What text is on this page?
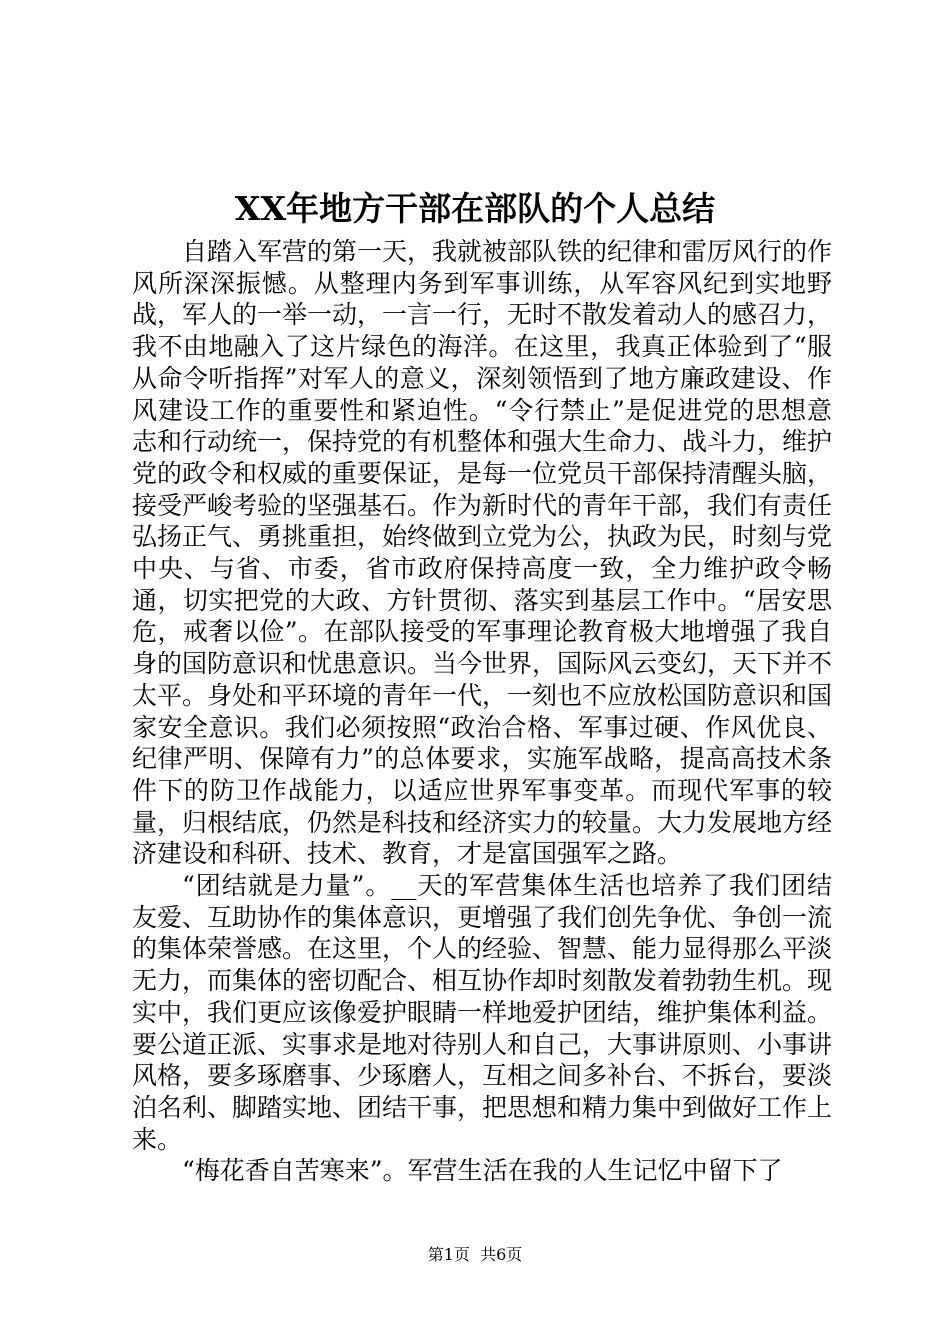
XX年地方干部在部队的个人总结

自踏入军营的第一天，我就被部队铁的纪律和雷厉风行的作风所深深振憾。从整理内务到军事训练，从军容风纪到实地野战，军人的一举一动，一言一行，无时不散发着动人的感召力，我不由地融入了这片绿色的海洋。在这里，我真正体验到了“服从命令听指挥”对军人的意义，深刻领悟到了地方廉政建设、作风建设工作的重要性和紧迫性。“令行禁止”是促进党的思想意志和行动统一，保持党的有机整体和强大生命力、战斗力，维护党的政令和权威的重要保证，是每一位党员干部保持清醒头脑，接受严峻考验的坚强基石。作为新时代的青年干部，我们有责任弘扬正气、勇挑重担，始终做到立党为公，执政为民，时刻与党中央、与省、市委，省市政府保持高度一致，全力维护政令畅通，切实把党的大政、方针贯彻、落实到基层工作中。“居安思危，戒奢以俭”。在部队接受的军事理论教育极大地增强了我自身的国防意识和忧患意识。当今世界，国际风云变幻，天下并不太平。身处和平环境的青年一代，一刻也不应放松国防意识和国家安全意识。我们必须按照“政治合格、军事过硬、作风优良、纪律严明、保障有力”的总体要求，实施军战略，提高高技术条件下的防卫作战能力，以适应世界军事变革。而现代军事的较量，归根结底，仍然是科技和经济实力的较量。大力发展地方经济建设和科研、技术、教育，才是富国强军之路。

“团结就是力量”。__天的军营集体生活也培养了我们团结友爱、互助协作的集体意识，更增强了我们创先争优、争创一流的集体荣誉感。在这里，个人的经验、智慧、能力显得那么平淡无力，而集体的密切配合、相互协作却时刻散发着勃勃生机。现实中，我们更应该像爱护眼睛一样地爱护团结，维护集体利益。要公道正派、实事求是地对待别人和自己，大事讲原则、小事讲风格，要多琢磨事、少琢磨人，互相之间多补台、不拆台，要淡泊名利、脚踏实地、团结干事，把思想和精力集中到做好工作上来。

“梅花香自苦寒来”。军营生活在我的人生记忆中留下了

第1页 共6页
